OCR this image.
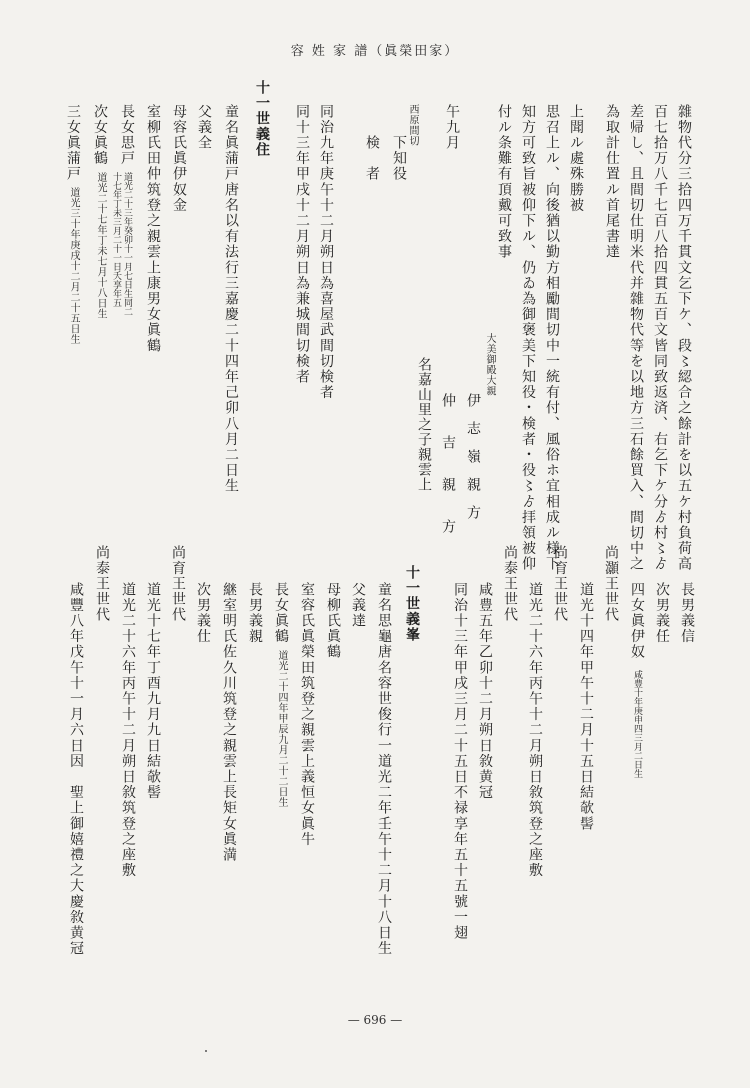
容 姓 家 譜（眞榮田家）
雜物代分三拾四万千貫文乞下ケ、段〻綛合之餘計を以五ケ村負荷高
百七拾万八千七百八拾四貫五百文皆同致返済、右乞下ケ分ゟ村〻ゟ
差帰し、且間切仕明米代并雜物代等を以地方三石餘買入、間切中之
為取計仕置ル首尾書達
上聞ル處殊勝被
思召上ル、向後猶以勤方相勵間切中一統有付、風俗ホ宜相成ル様下
知方可致旨被仰下ル、仍ゐ為御褒美下知役・検者・役〻ゟ拝領被仰
付ル条難有頂戴可致事
大美御殿大親
伊　志　嶺　親　方
仲　　吉　　親　　方
名嘉山里之子親雲上
午九月
西原間切
下知役
検　者
同治九年庚午十二月朔日為喜屋武間切検者
同十三年甲戌十二月朔日為兼城間切検者
十一世義住
童名眞蒲戸唐名以有法行三嘉慶二十四年己卯八月二日生
父義全
母容氏眞伊奴金
室柳氏田仲筑登之親雲上康男女眞鶴
長女思戸
道光二十三年癸卯十一月七日生同二
十七年丁未三月二十一日夭享年五
次女眞鶴
道光二十七年丁未七月十八日生
三女眞蒲戸
道光三十年庚戌十二月二十五日生
長男義信
次男義任
四女眞伊奴
咸豊十年庚申四三月二日生
尚灝王世代
道光十四年甲午十二月十五日結欹髻
尚育王世代
道光二十六年丙午十二月朔日敘筑登之座敷
尚泰王世代
咸豊五年乙卯十二月朔日敘黄冠
同治十三年甲戌三月二十五日不禄享年五十五號一翅
十一世義峯
童名思龜唐名容世俊行一道光二年壬午十二月十八日生
父義達
母柳氏眞鶴
室容氏眞榮田筑登之親雲上義恒女眞牛
長女眞鶴
道光二十四年甲辰九月二十二日生
長男義親
継室明氏佐久川筑登之親雲上長矩女眞満
次男義仕
尚育王世代
道光十七年丁酉九月九日結欹髻
道光二十六年丙午十二月朔日敘筑登之座敷
尚泰王世代
咸豐八年戊午十一月六日因　聖上御嬉禮之大慶敘黄冠
— 696 —
